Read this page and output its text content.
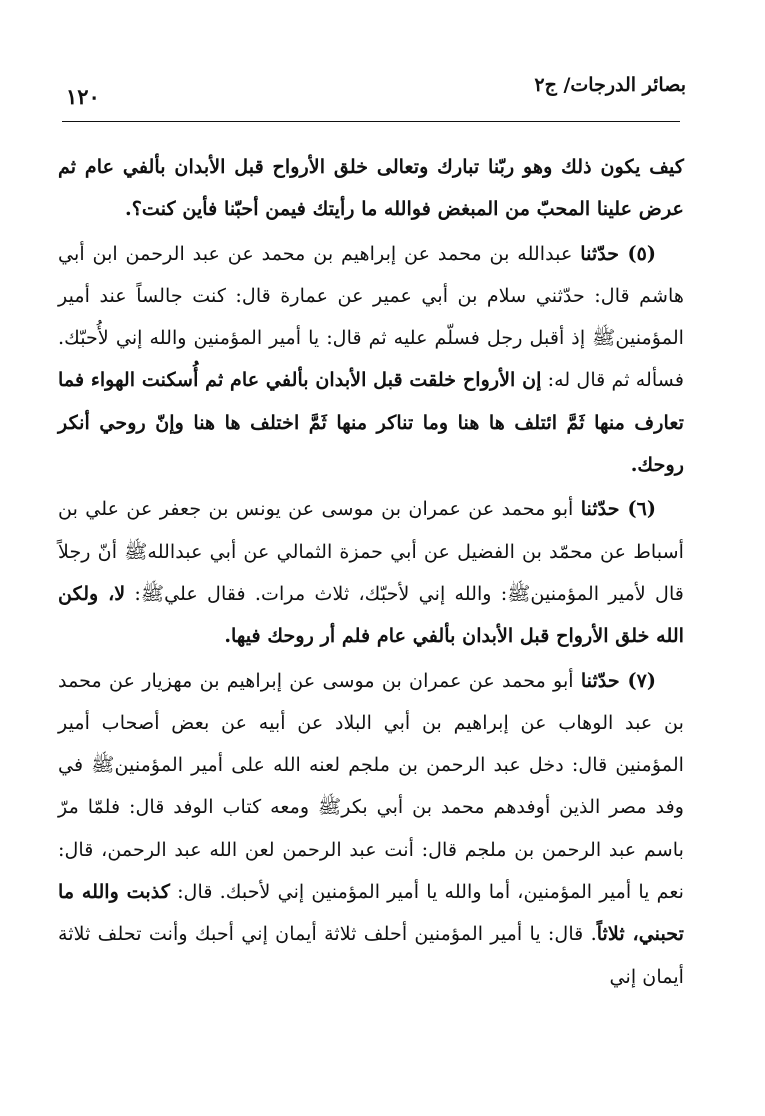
بصائر الدرجات/ ج٢
١٢٠

كيف يكون ذلك وهو ربّنا تبارك وتعالى خلق الأرواح قبل الأبدان بألفي عام ثم عرض علينا المحبّ من المبغض فوالله ما رأيتك فيمن أحبّنا فأين كنت؟.

(٥) حدّثنا عبدالله بن محمد عن إبراهيم بن محمد عن عبد الرحمن ابن أبي هاشم قال: حدّثني سلام بن أبي عمير عن عمارة قال: كنت جالساً عند أمير المؤمنينﷺ إذ أقبل رجل فسلّم عليه ثم قال: يا أمير المؤمنين والله إني لأُحبّك. فسأله ثم قال له: إن الأرواح خلقت قبل الأبدان بألفي عام ثم أُسكنت الهواء فما تعارف منها ثَمَّ ائتلف ها هنا وما تناكر منها ثَمَّ اختلف ها هنا وإنّ روحي أنكر روحك.

(٦) حدّثنا أبو محمد عن عمران بن موسى عن يونس بن جعفر عن علي بن أسباط عن محمّد بن الفضيل عن أبي حمزة الثمالي عن أبي عبداللهﷺ أنّ رجلاً قال لأمير المؤمنينﷺ: والله إني لأحبّك، ثلاث مرات. فقال عليﷺ: لا، ولكن الله خلق الأرواح قبل الأبدان بألفي عام فلم أر روحك فيها.

(٧) حدّثنا أبو محمد عن عمران بن موسى عن إبراهيم بن مهزيار عن محمد بن عبد الوهاب عن إبراهيم بن أبي البلاد عن أبيه عن بعض أصحاب أمير المؤمنين قال: دخل عبد الرحمن بن ملجم لعنه الله على أمير المؤمنينﷺ في وفد مصر الذين أوفدهم محمد بن أبي بكرﷺ ومعه كتاب الوفد قال: فلمّا مرّ باسم عبد الرحمن بن ملجم قال: أنت عبد الرحمن لعن الله عبد الرحمن، قال: نعم يا أمير المؤمنين، أما والله يا أمير المؤمنين إني لأحبك. قال: كذبت والله ما تحبني، ثلاثاً. قال: يا أمير المؤمنين أحلف ثلاثة أيمان إني أحبك وأنت تحلف ثلاثة أيمان إني
